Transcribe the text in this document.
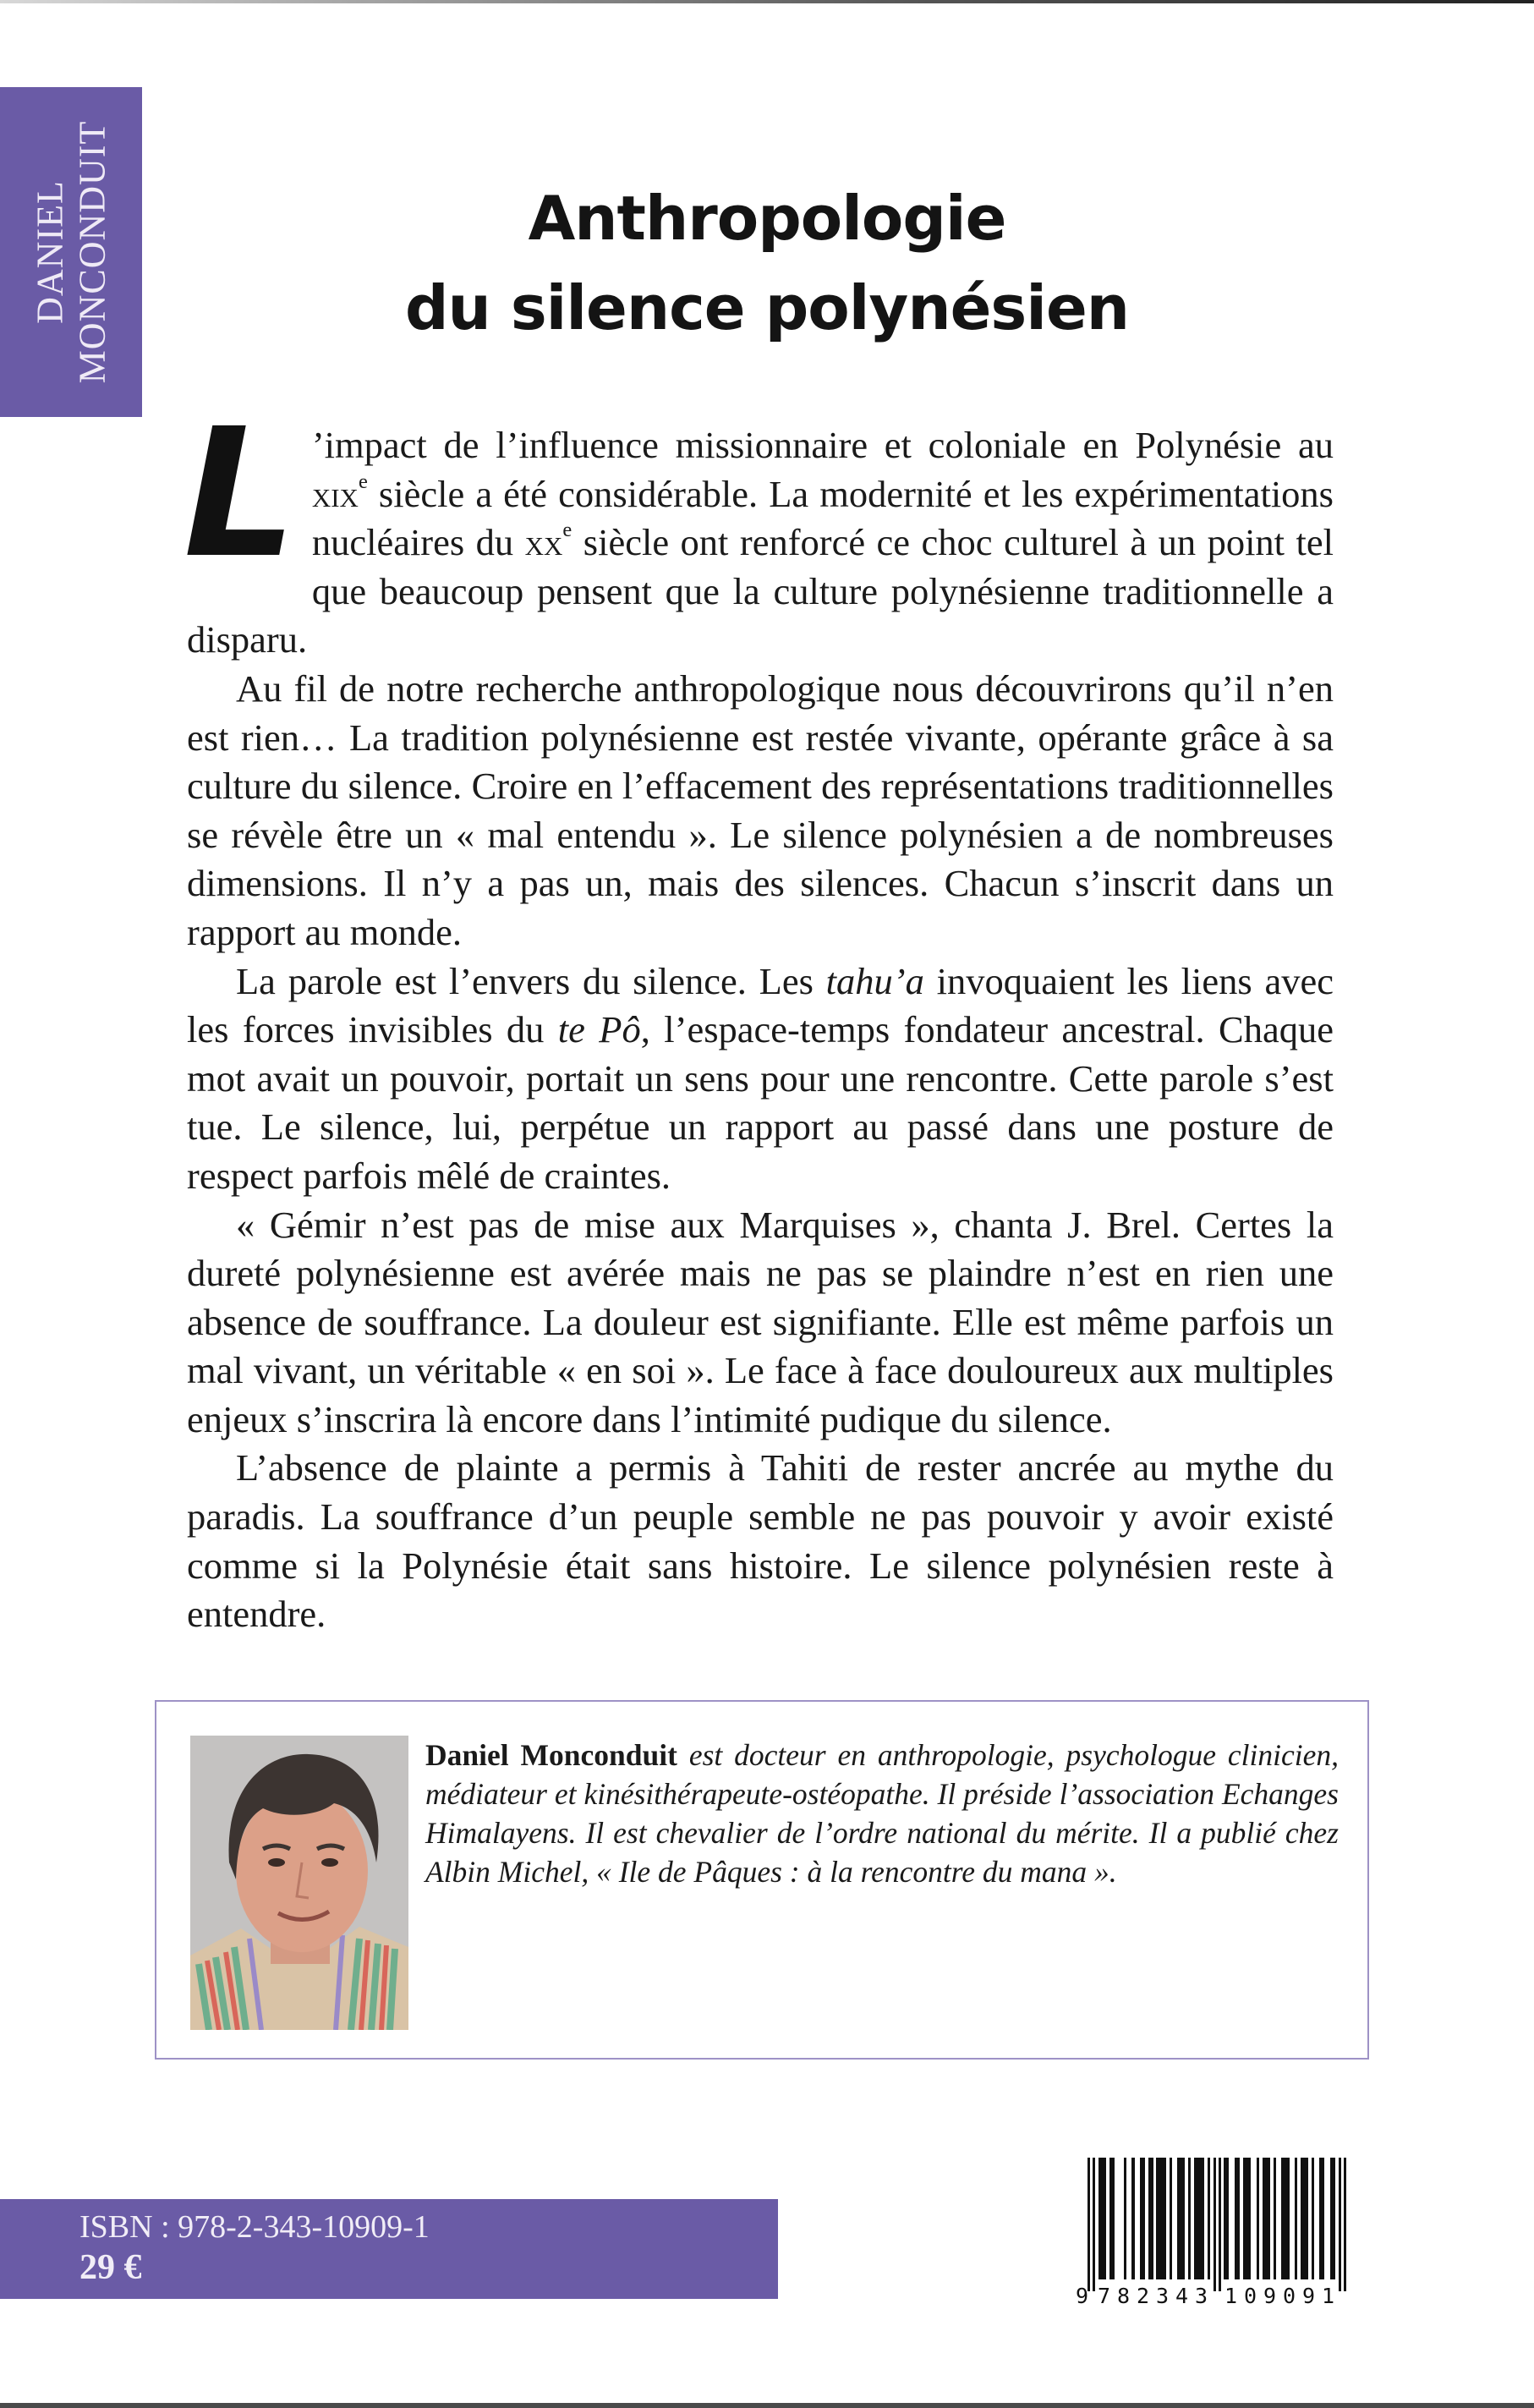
DANIEL MONCONDUIT	Anthropologie
du silence polynésien

L ’impact de l’influence missionnaire et coloniale en Polynésie au xix$^e$ siècle a été considérable. La modernité et les expérimentations nucléaires du $xx^e$ siècle ont renforcé ce choc culturel à un point tel que beaucoup pensent que la culture polynésienne traditionnelle a disparu.

Au fil de notre recherche anthropologique nous découvrirons qu’il n’en est rien… La tradition polynésienne est restée vivante, opérante grâce à sa culture du silence. Croire en l’effacement des représentations traditionnelles se révèle être un « mal entendu ». Le silence polynésien a de nombreuses dimensions. Il n’y a pas un, mais des silences. Chacun s’inscrit dans un rapport au monde.

La parole est l’envers du silence. Les tahu’a invoquaient les liens avec les forces invisibles du te Pô, l’espace-temps fondateur ancestral. Chaque mot avait un pouvoir, portait un sens pour une rencontre. Cette parole s’est tue. Le silence, lui, perpétue un rapport au passé dans une posture de respect parfois mêlé de craintes.

« Gémir n’est pas de mise aux Marquises », chanta J. Brel. Certes la dureté polynésienne est avérée mais ne pas se plaindre n’est en rien une absence de souffrance. La douleur est signifiante. Elle est même parfois un mal vivant, un véritable « en soi ». Le face à face douloureux aux multiples enjeux s’inscrira là encore dans l’intimité pudique du silence.

L’absence de plainte a permis à Tahiti de rester ancrée au mythe du paradis. La souffrance d’un peuple semble ne pas pouvoir y avoir existé comme si la Polynésie était sans histoire. Le silence polynésien reste à entendre.

Daniel Monconduit est docteur en anthropologie, psychologue clinicien, médiateur et kinésithérapeute-ostéopathe. Il préside l’association Echanges Himalayens. Il est chevalier de l’ordre national du mérite. Il a publié chez Albin Michel, « Ile de Pâques : à la rencontre du mana ».
ISBN : 978-2-343-10909-1
29 €
9 782343 109091
